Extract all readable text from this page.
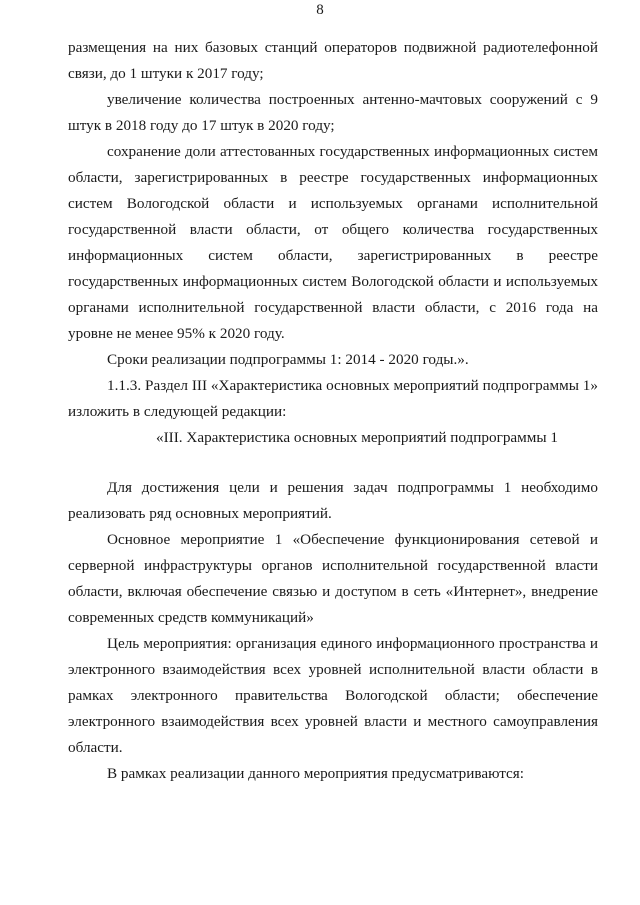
8

размещения на них базовых станций операторов подвижной радиотелефонной связи, до 1 штуки к 2017 году;

увеличение количества построенных антенно-мачтовых сооружений с 9 штук в 2018 году до 17 штук в 2020 году;

сохранение доли аттестованных государственных информационных систем области, зарегистрированных в реестре государственных информационных систем Вологодской области и используемых органами исполнительной государственной власти области, от общего количества государственных информационных систем области, зарегистрированных в реестре государственных информационных систем Вологодской области и используемых органами исполнительной государственной власти области, с 2016 года на уровне не менее 95% к 2020 году.

Сроки реализации подпрограммы 1: 2014 - 2020 годы.».

1.1.3. Раздел III «Характеристика основных мероприятий подпрограммы 1» изложить в следующей редакции:

«III. Характеристика основных мероприятий подпрограммы 1

Для достижения цели и решения задач подпрограммы 1 необходимо реализовать ряд основных мероприятий.

Основное мероприятие 1 «Обеспечение функционирования сетевой и серверной инфраструктуры органов исполнительной государственной власти области, включая обеспечение связью и доступом в сеть «Интернет», внедрение современных средств коммуникаций»

Цель мероприятия: организация единого информационного пространства и электронного взаимодействия всех уровней исполнительной власти области в рамках электронного правительства Вологодской области; обеспечение электронного взаимодействия всех уровней власти и местного самоуправления области.

В рамках реализации данного мероприятия предусматриваются:
